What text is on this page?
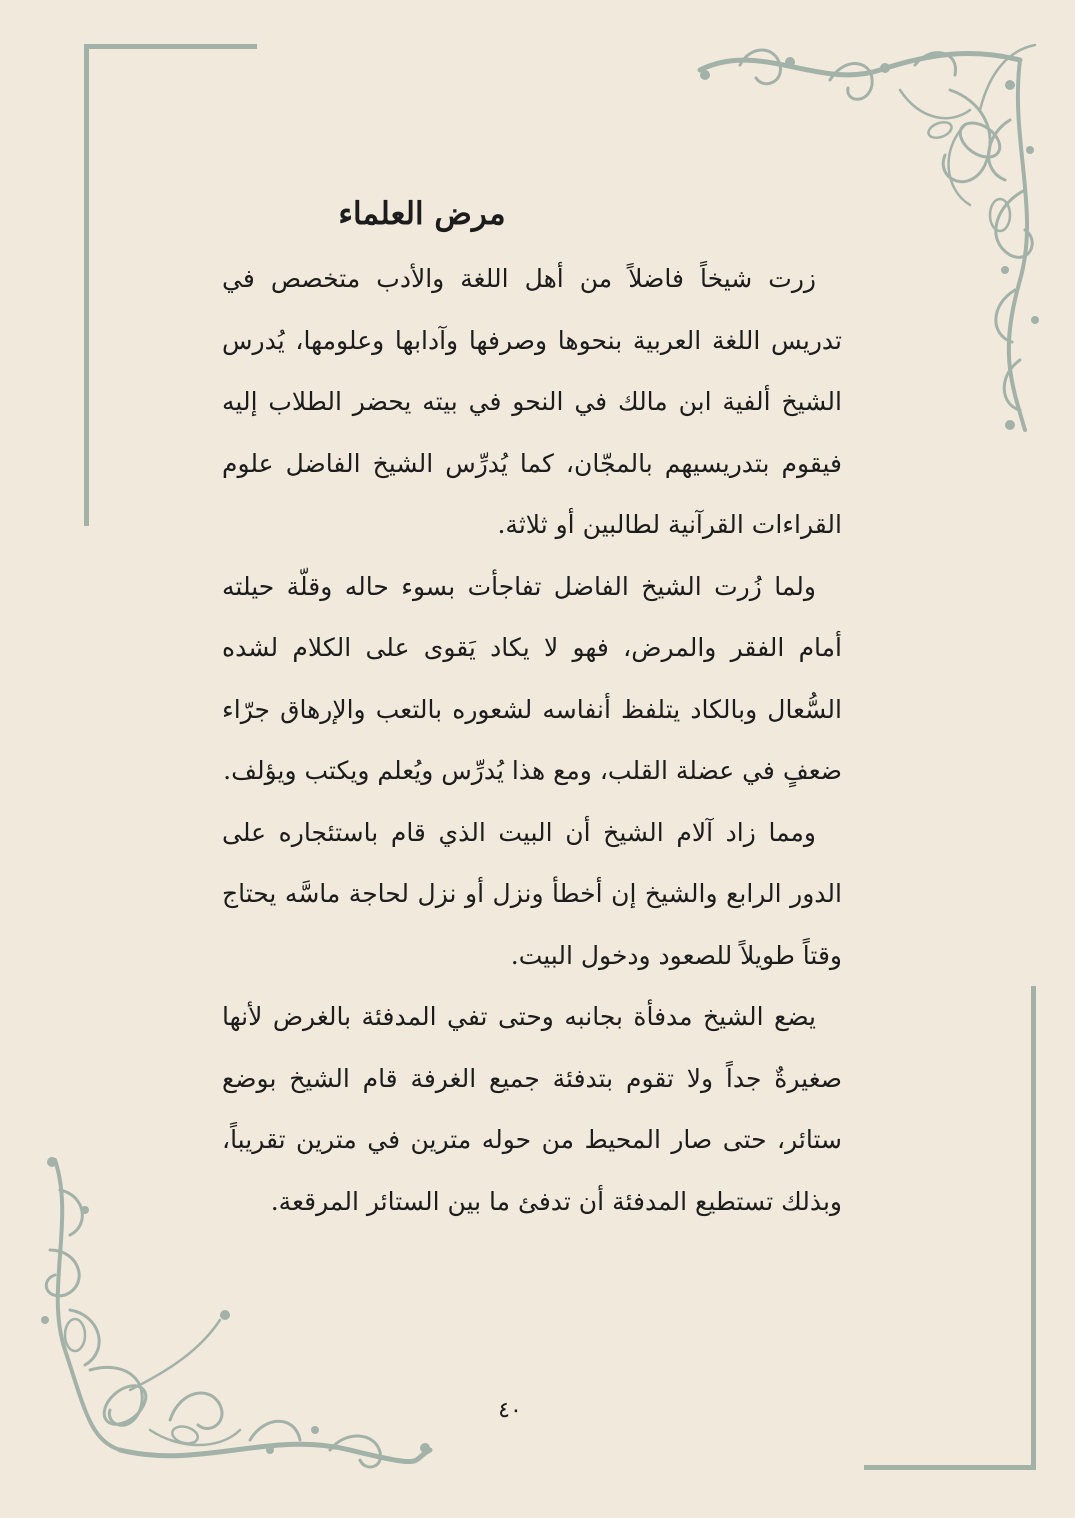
مرض العلماء

زرت شيخاً فاضلاً من أهل اللغة والأدب متخصص في تدريس اللغة العربية بنحوها وصرفها وآدابها وعلومها، يُدرس الشيخ ألفية ابن مالك في النحو في بيته يحضر الطلاب إليه فيقوم بتدريسيهم بالمجّان، كما يُدرِّس الشيخ الفاضل علوم القراءات القرآنية لطالبين أو ثلاثة.

ولما زُرت الشيخ الفاضل تفاجأت بسوء حاله وقلّة حيلته أمام الفقر والمرض، فهو لا يكاد يَقوى على الكلام لشده السُّعال وبالكاد يتلفظ أنفاسه لشعوره بالتعب والإرهاق جرّاء ضعفٍ في عضلة القلب، ومع هذا يُدرِّس ويُعلم ويكتب ويؤلف.

ومما زاد آلام الشيخ أن البيت الذي قام باستئجاره على الدور الرابع والشيخ إن أخطأ ونزل أو نزل لحاجة ماسَّه يحتاج وقتاً طويلاً للصعود ودخول البيت.

يضع الشيخ مدفأة بجانبه وحتى تفي المدفئة بالغرض لأنها صغيرةٌ جداً ولا تقوم بتدفئة جميع الغرفة قام الشيخ بوضع ستائر، حتى صار المحيط من حوله مترين في مترين تقريباً، وبذلك تستطيع المدفئة أن تدفئ ما بين الستائر المرقعة.

٤٠
